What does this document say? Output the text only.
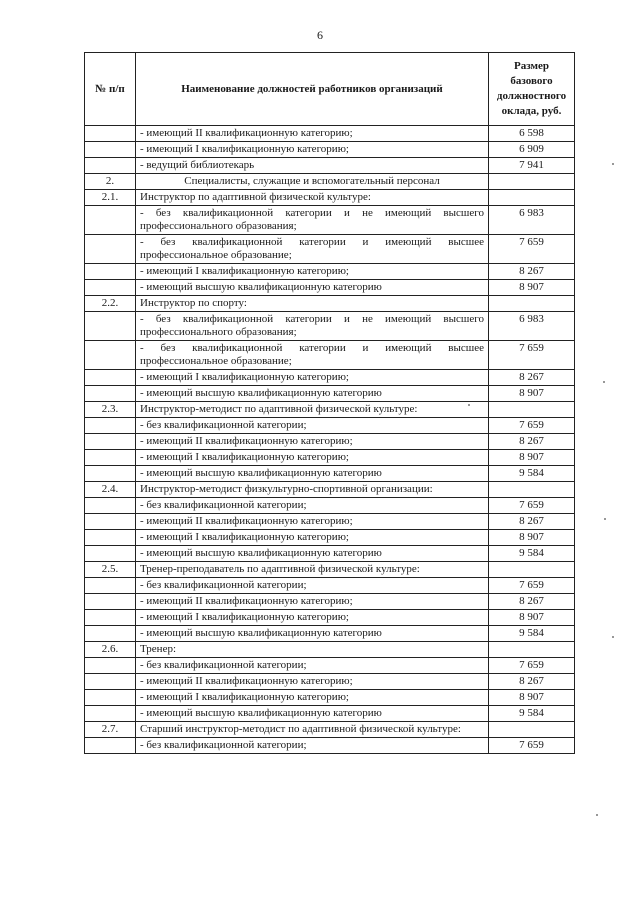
6
№ п/п	Наименование должностей работников организаций	Размер базового должностного оклада, руб.
	- имеющий II квалификационную категорию;	6 598
	- имеющий I квалификационную категорию;	6 909
	- ведущий библиотекарь	7 941
2.	Специалисты, служащие и вспомогательный персонал	
2.1.	Инструктор по адаптивной физической культуре:	
	- без квалификационной категории и не имеющий высшего профессионального образования;	6 983
	- без квалификационной категории и имеющий высшее профессиональное образование;	7 659
	- имеющий I квалификационную категорию;	8 267
	- имеющий высшую квалификационную категорию	8 907
2.2.	Инструктор по спорту:	
	- без квалификационной категории и не имеющий высшего профессионального образования;	6 983
	- без квалификационной категории и имеющий высшее профессиональное образование;	7 659
	- имеющий I квалификационную категорию;	8 267
	- имеющий высшую квалификационную категорию	8 907
2.3.	Инструктор-методист по адаптивной физической культуре:	
	- без квалификационной категории;	7 659
	- имеющий II квалификационную категорию;	8 267
	- имеющий I квалификационную категорию;	8 907
	- имеющий высшую квалификационную категорию	9 584
2.4.	Инструктор-методист физкультурно-спортивной организации:	
	- без квалификационной категории;	7 659
	- имеющий II квалификационную категорию;	8 267
	- имеющий I квалификационную категорию;	8 907
	- имеющий высшую квалификационную категорию	9 584
2.5.	Тренер-преподаватель по адаптивной физической культуре:	
	- без квалификационной категории;	7 659
	- имеющий II квалификационную категорию;	8 267
	- имеющий I квалификационную категорию;	8 907
	- имеющий высшую квалификационную категорию	9 584
2.6.	Тренер:	
	- без квалификационной категории;	7 659
	- имеющий II квалификационную категорию;	8 267
	- имеющий I квалификационную категорию;	8 907
	- имеющий высшую квалификационную категорию	9 584
2.7.	Старший инструктор-методист по адаптивной физической культуре:	
	- без квалификационной категории;	7 659
